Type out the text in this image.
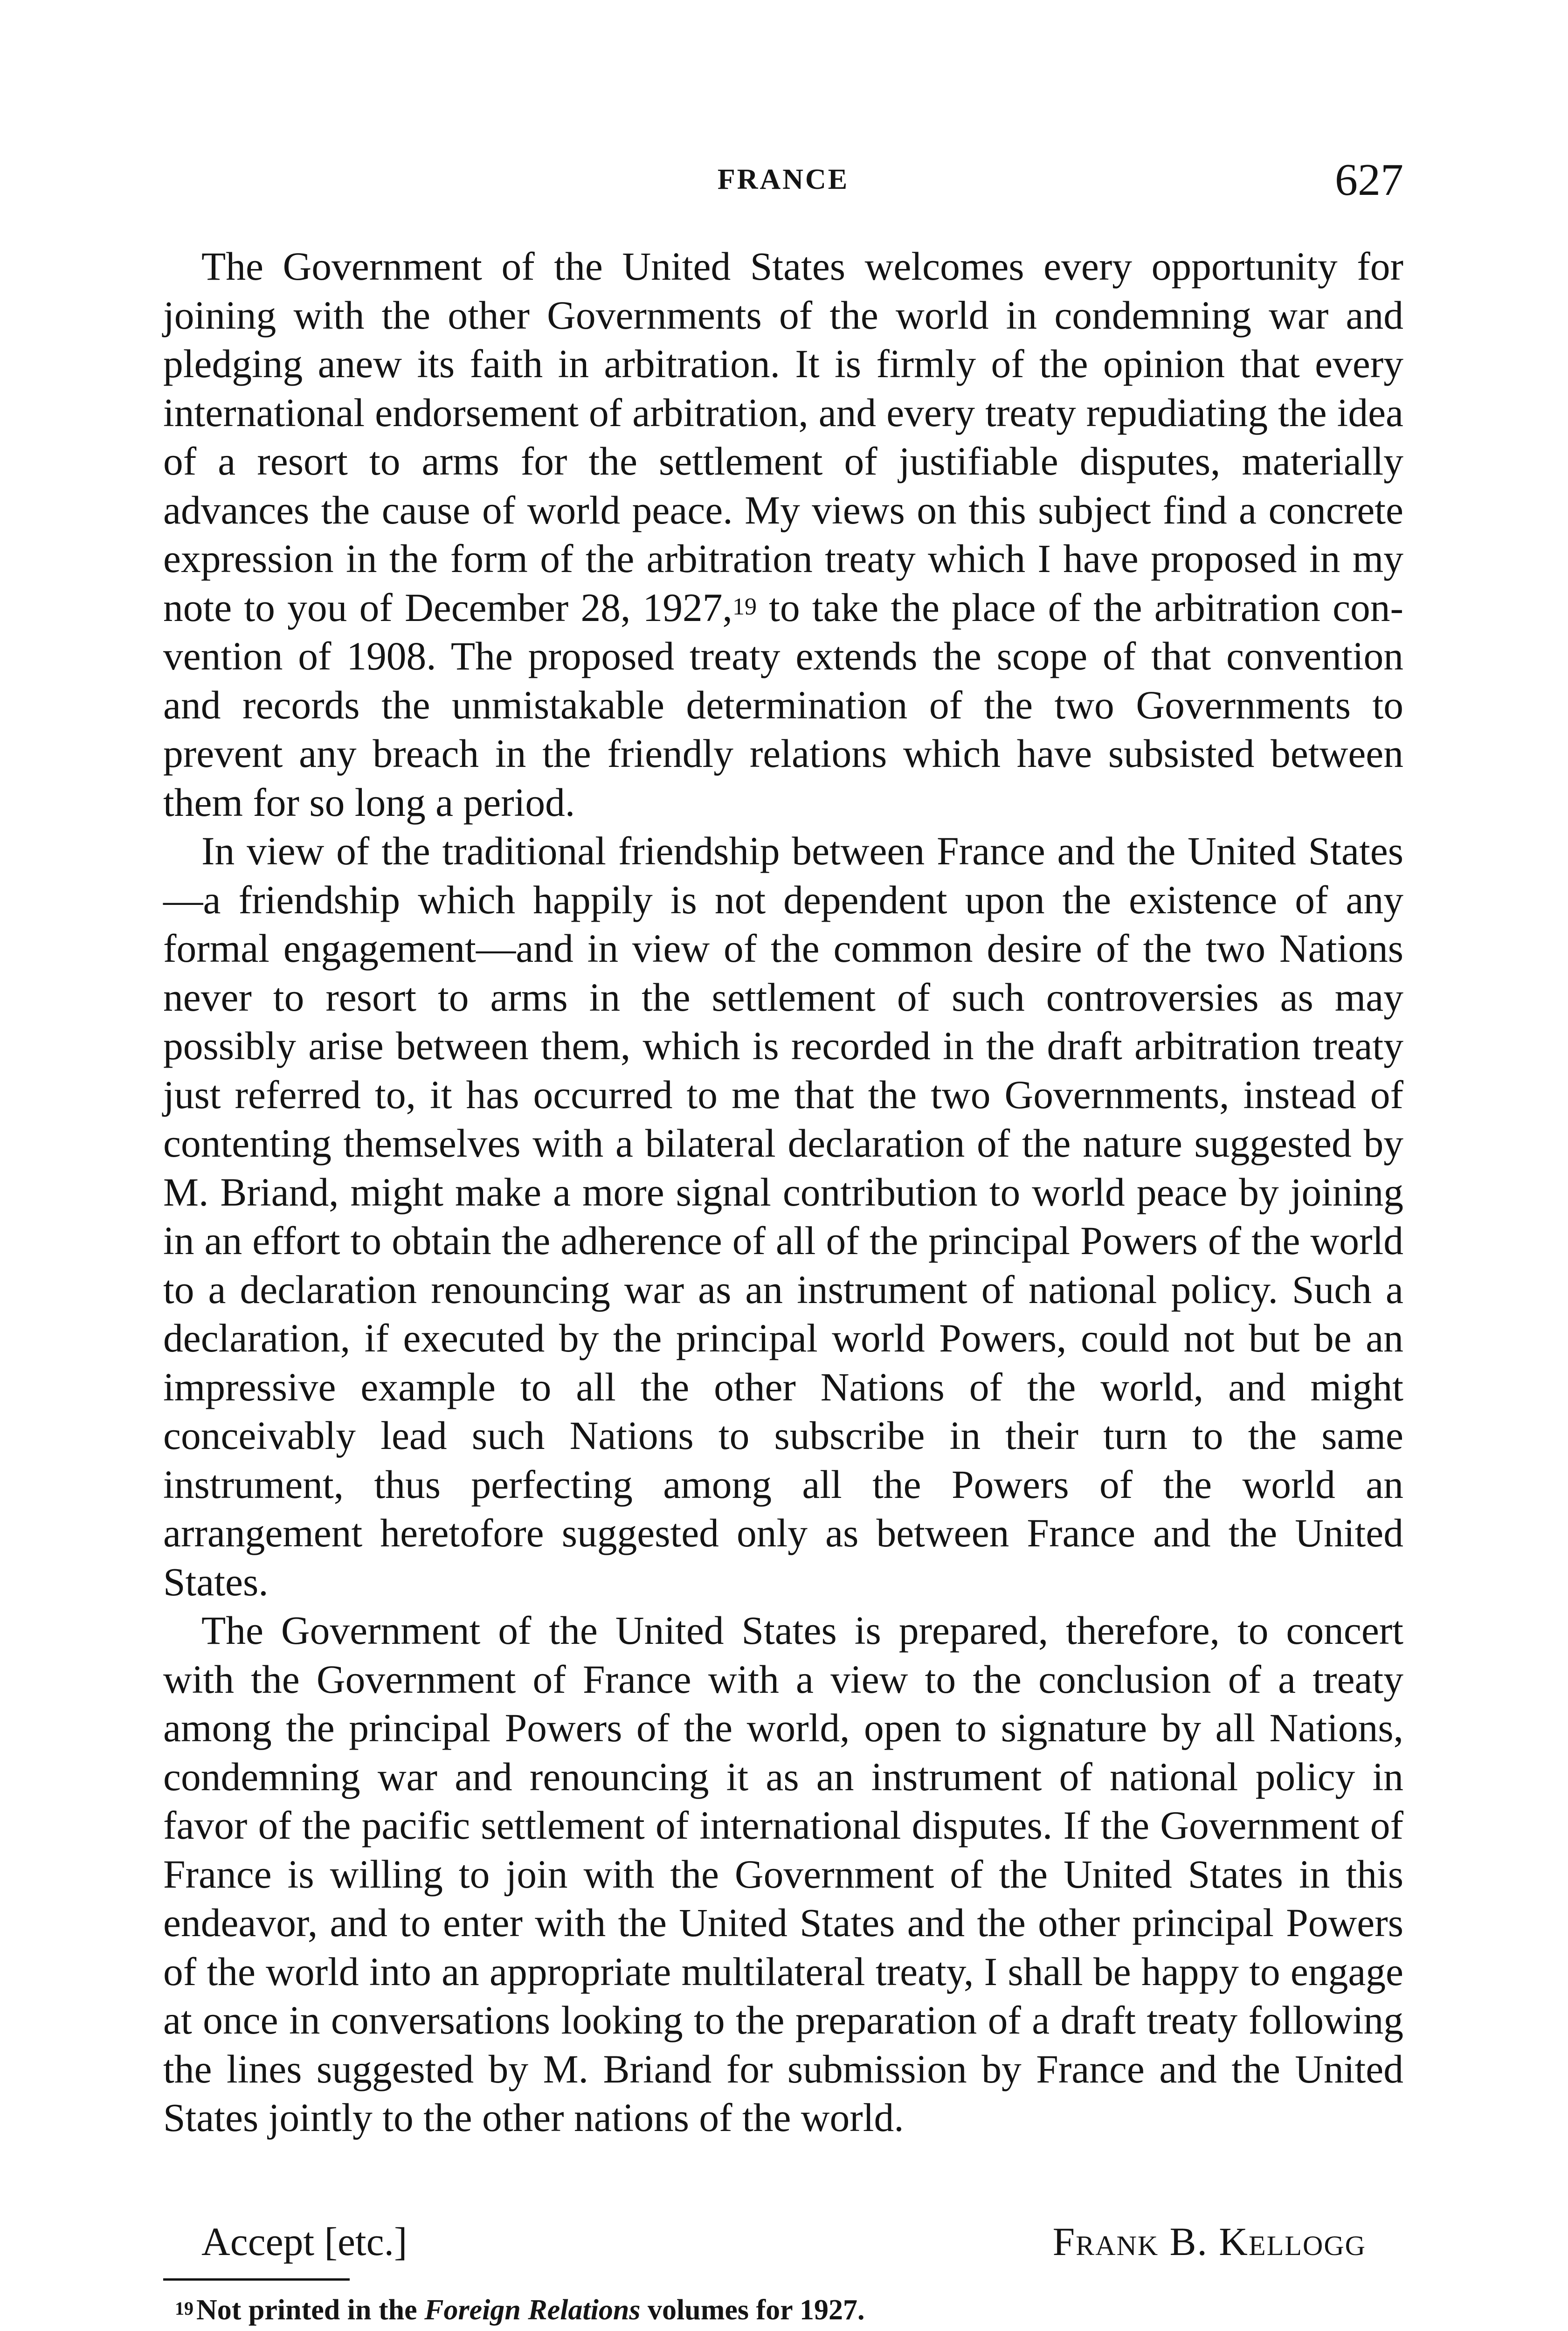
FRANCE	627

The Government of the United States welcomes every opportunity for joining with the other Governments of the world in condemning war and pledging anew its faith in arbitration. It is firmly of the opinion that every international endorsement of arbitration, and every treaty repudiating the idea of a resort to arms for the settlement of justifiable disputes, materially advances the cause of world peace. My views on this subject find a concrete expression in the form of the arbitration treaty which I have proposed in my note to you of December 28, 1927,19 to take the place of the arbitration convention of 1908. The proposed treaty extends the scope of that convention and records the unmistakable determination of the two Governments to prevent any breach in the friendly relations which have subsisted between them for so long a period.

In view of the traditional friendship between France and the United States—a friendship which happily is not dependent upon the existence of any formal engagement—and in view of the common desire of the two Nations never to resort to arms in the settlement of such controversies as may possibly arise between them, which is recorded in the draft arbitration treaty just referred to, it has occurred to me that the two Governments, instead of contenting themselves with a bilateral declaration of the nature suggested by M. Briand, might make a more signal contribution to world peace by joining in an effort to obtain the adherence of all of the principal Powers of the world to a declaration renouncing war as an instrument of national policy. Such a declaration, if executed by the principal world Powers, could not but be an impressive example to all the other Nations of the world, and might conceivably lead such Nations to subscribe in their turn to the same instrument, thus perfecting among all the Powers of the world an arrangement heretofore suggested only as between France and the United States.

The Government of the United States is prepared, therefore, to concert with the Government of France with a view to the conclusion of a treaty among the principal Powers of the world, open to signature by all Nations, condemning war and renouncing it as an instrument of national policy in favor of the pacific settlement of international disputes. If the Government of France is willing to join with the Government of the United States in this endeavor, and to enter with the United States and the other principal Powers of the world into an appropriate multilateral treaty, I shall be happy to engage at once in conversations looking to the preparation of a draft treaty following the lines suggested by M. Briand for submission by France and the United States jointly to the other nations of the world.

Accept [etc.]	Frank B. Kellogg
$^{19}$Not printed in the Foreign Relations volumes for 1927.
